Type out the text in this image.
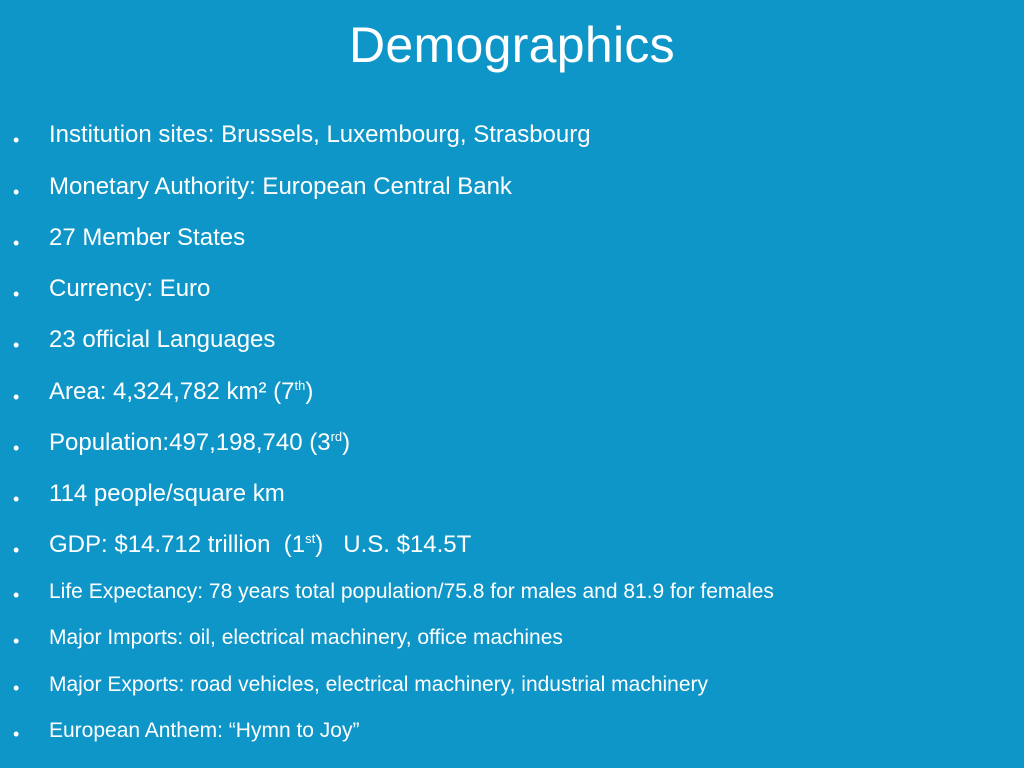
Demographics
• Institution sites: Brussels, Luxembourg, Strasbourg
• Monetary Authority: European Central Bank
• 27 Member States
• Currency: Euro
• 23 official Languages
• Area: 4,324,782 km² (7th)
• Population:497,198,740 (3rd)
• 114 people/square km
• GDP: $14.712 trillion  (1st)   U.S. $14.5T
• Life Expectancy: 78 years total population/75.8 for males and 81.9 for females
• Major Imports: oil, electrical machinery, office machines
• Major Exports: road vehicles, electrical machinery, industrial machinery
• European Anthem: “Hymn to Joy”
